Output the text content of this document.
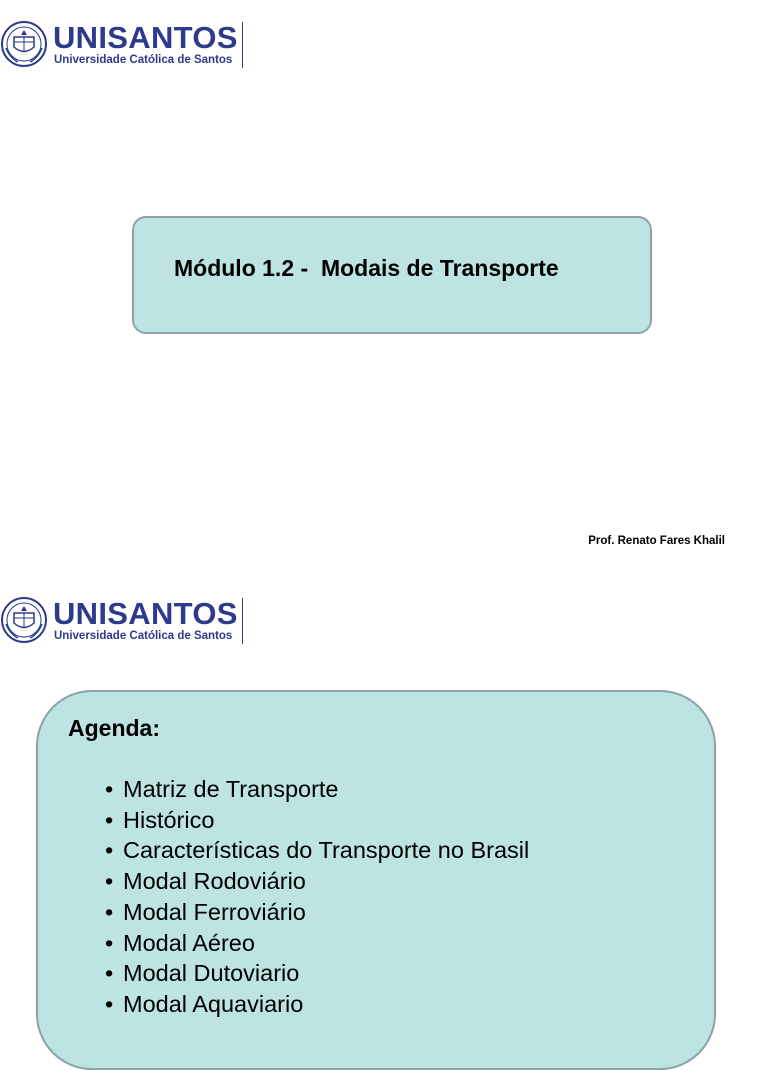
UNISANTOS
Universidade Católica de Santos
Módulo 1.2 -  Modais de Transporte
Prof. Renato Fares Khalil
UNISANTOS
Universidade Católica de Santos
Agenda:
• Matriz de Transporte
• Histórico
• Características do Transporte no Brasil
• Modal Rodoviário
• Modal Ferroviário
• Modal Aéreo
• Modal Dutoviario
• Modal Aquaviario
